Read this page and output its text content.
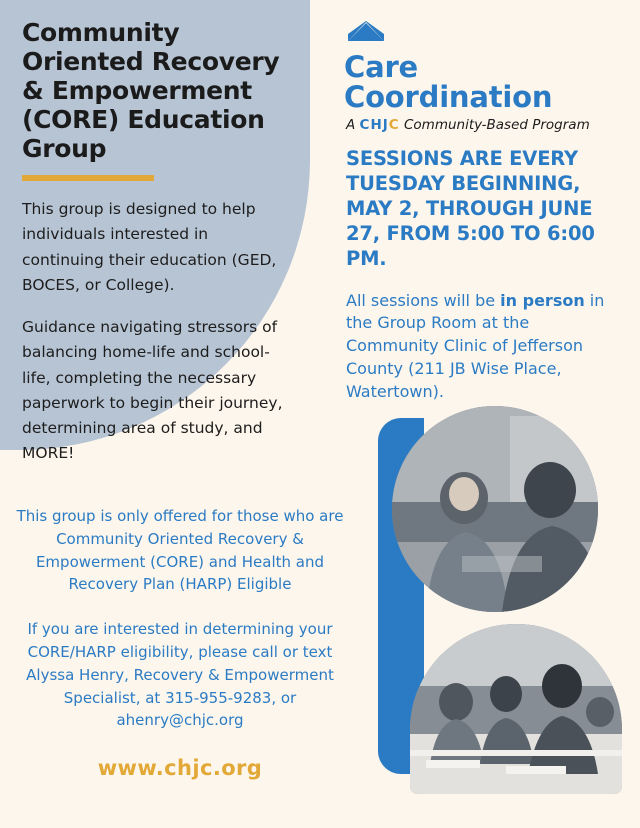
Community Oriented Recovery & Empowerment (CORE) Education Group

This group is designed to help individuals interested in continuing their education (GED, BOCES, or College).

Guidance navigating stressors of balancing home-life and school-life, completing the necessary paperwork to begin their journey, determining area of study, and MORE!

This group is only offered for those who are Community Oriented Recovery & Empowerment (CORE) and Health and Recovery Plan (HARP) Eligible

If you are interested in determining your CORE/HARP eligibility, please call or text Alyssa Henry, Recovery & Empowerment Specialist, at 315-955-9283, or ahenry@chjc.org

www.chjc.org
Care Coordination
A CHJC Community-Based Program
SESSIONS ARE EVERY TUESDAY BEGINNING, MAY 2, THROUGH JUNE 27, FROM 5:00 TO 6:00 PM.
All sessions will be in person in the Group Room at the Community Clinic of Jefferson County (211 JB Wise Place, Watertown).
